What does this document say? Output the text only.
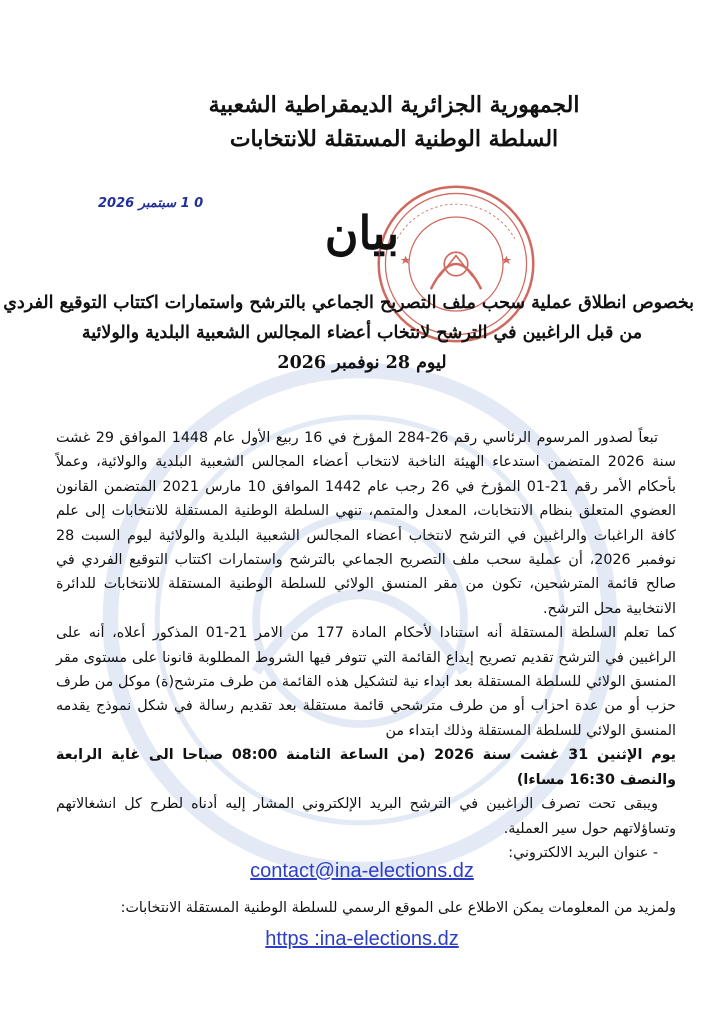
الجمهورية الجزائرية الديمقراطية الشعبية
السلطة الوطنية المستقلة للانتخابات
0 1 سبتمبر 2026
بيان
بخصوص انطلاق عملية سحب ملف التصريح الجماعي بالترشح واستمارات اكتتاب التوقيع الفردي
من قبل الراغبين في الترشح لانتخاب أعضاء المجالس الشعبية البلدية والولائية
ليوم 28 نوفمبر 2026

تبعاً لصدور المرسوم الرئاسي رقم 26-284 المؤرخ في 16 ربيع الأول عام 1448 الموافق 29 غشت سنة 2026 المتضمن استدعاء الهيئة الناخبة لانتخاب أعضاء المجالس الشعبية البلدية والولائية، وعملاً بأحكام الأمر رقم 21-01 المؤرخ في 26 رجب عام 1442 الموافق 10 مارس 2021 المتضمن القانون العضوي المتعلق بنظام الانتخابات، المعدل والمتمم، تنهي السلطة الوطنية المستقلة للانتخابات إلى علم كافة الراغبات والراغبين في الترشح لانتخاب أعضاء المجالس الشعبية البلدية والولائية ليوم السبت 28 نوفمبر 2026، أن عملية سحب ملف التصريح الجماعي بالترشح واستمارات اكتتاب التوقيع الفردي في صالح قائمة المترشحين، تكون من مقر المنسق الولائي للسلطة الوطنية المستقلة للانتخابات للدائرة الانتخابية محل الترشح.

كما تعلم السلطة المستقلة أنه استنادا لأحكام المادة 177 من الامر 21-01 المذكور أعلاه، أنه على الراغبين في الترشح تقديم تصريح إيداع القائمة التي تتوفر فيها الشروط المطلوبة قانونا على مستوى مقر المنسق الولائي للسلطة المستقلة بعد ابداء نية لتشكيل هذه القائمة من طرف مترشح(ة) موكل من طرف حزب أو من عدة احزاب أو من طرف مترشحي قائمة مستقلة بعد تقديم رسالة في شكل نموذج يقدمه المنسق الولائي للسلطة المستقلة وذلك ابتداء من

يوم الإثنين 31 غشت سنة 2026 (من الساعة الثامنة 08:00 صباحا الى غاية الرابعة والنصف 16:30 مساءا)

ويبقى تحت تصرف الراغبين في الترشح البريد الإلكتروني المشار إليه أدناه لطرح كل انشغالاتهم وتساؤلاتهم حول سير العملية.

- عنوان البريد الالكتروني:

contact@ina-elections.dz
ولمزيد من المعلومات يمكن الاطلاع على الموقع الرسمي للسلطة الوطنية المستقلة الانتخابات:
https :ina-elections.dz
